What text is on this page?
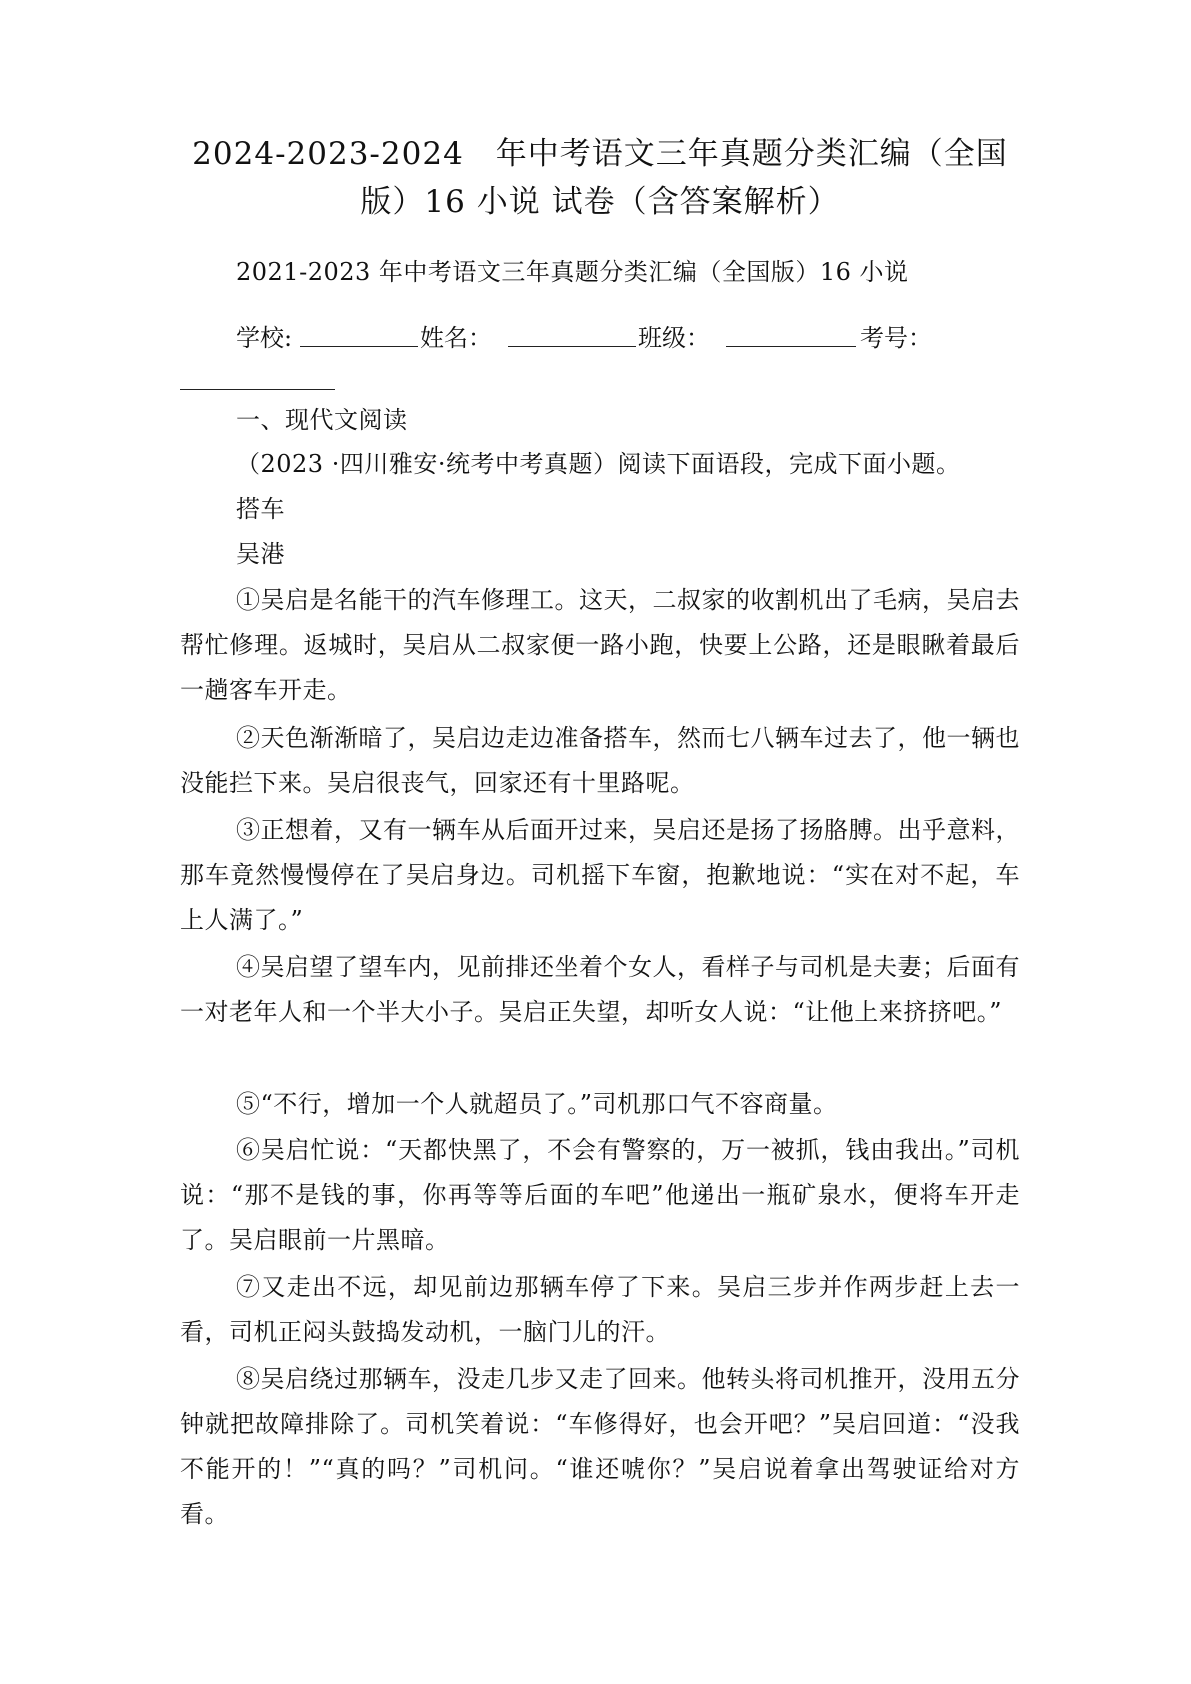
2024-2023-2024　年中考语文三年真题分类汇编（全国
版）16 小说 试卷（含答案解析）
2021-2023 年中考语文三年真题分类汇编（全国版）16 小说
学校:	姓名：	班级：	考号：
一、现代文阅读
（2023 ·四川雅安·统考中考真题）阅读下面语段，完成下面小题。
搭车
吴港
①吴启是名能干的汽车修理工。这天，二叔家的收割机出了毛病，吴启去帮忙修理。返城时，吴启从二叔家便一路小跑，快要上公路，还是眼瞅着最后一趟客车开走。
②天色渐渐暗了，吴启边走边准备搭车，然而七八辆车过去了，他一辆也没能拦下来。吴启很丧气，回家还有十里路呢。
③正想着，又有一辆车从后面开过来，吴启还是扬了扬胳膊。出乎意料，那车竟然慢慢停在了吴启身边。司机摇下车窗，抱歉地说：“实在对不起，车上人满了。”
④吴启望了望车内，见前排还坐着个女人，看样子与司机是夫妻；后面有一对老年人和一个半大小子。吴启正失望，却听女人说：“让他上来挤挤吧。”
⑤“不行，增加一个人就超员了。”司机那口气不容商量。
⑥吴启忙说：“天都快黑了，不会有警察的，万一被抓，钱由我出。”司机说：“那不是钱的事，你再等等后面的车吧”他递出一瓶矿泉水，便将车开走了。吴启眼前一片黑暗。
⑦又走出不远，却见前边那辆车停了下来。吴启三步并作两步赶上去一看，司机正闷头鼓捣发动机，一脑门儿的汗。
⑧吴启绕过那辆车，没走几步又走了回来。他转头将司机推开，没用五分钟就把故障排除了。司机笑着说：“车修得好，也会开吧？”吴启回道：“没我不能开的！”“真的吗？”司机问。“谁还唬你？”吴启说着拿出驾驶证给对方看。
